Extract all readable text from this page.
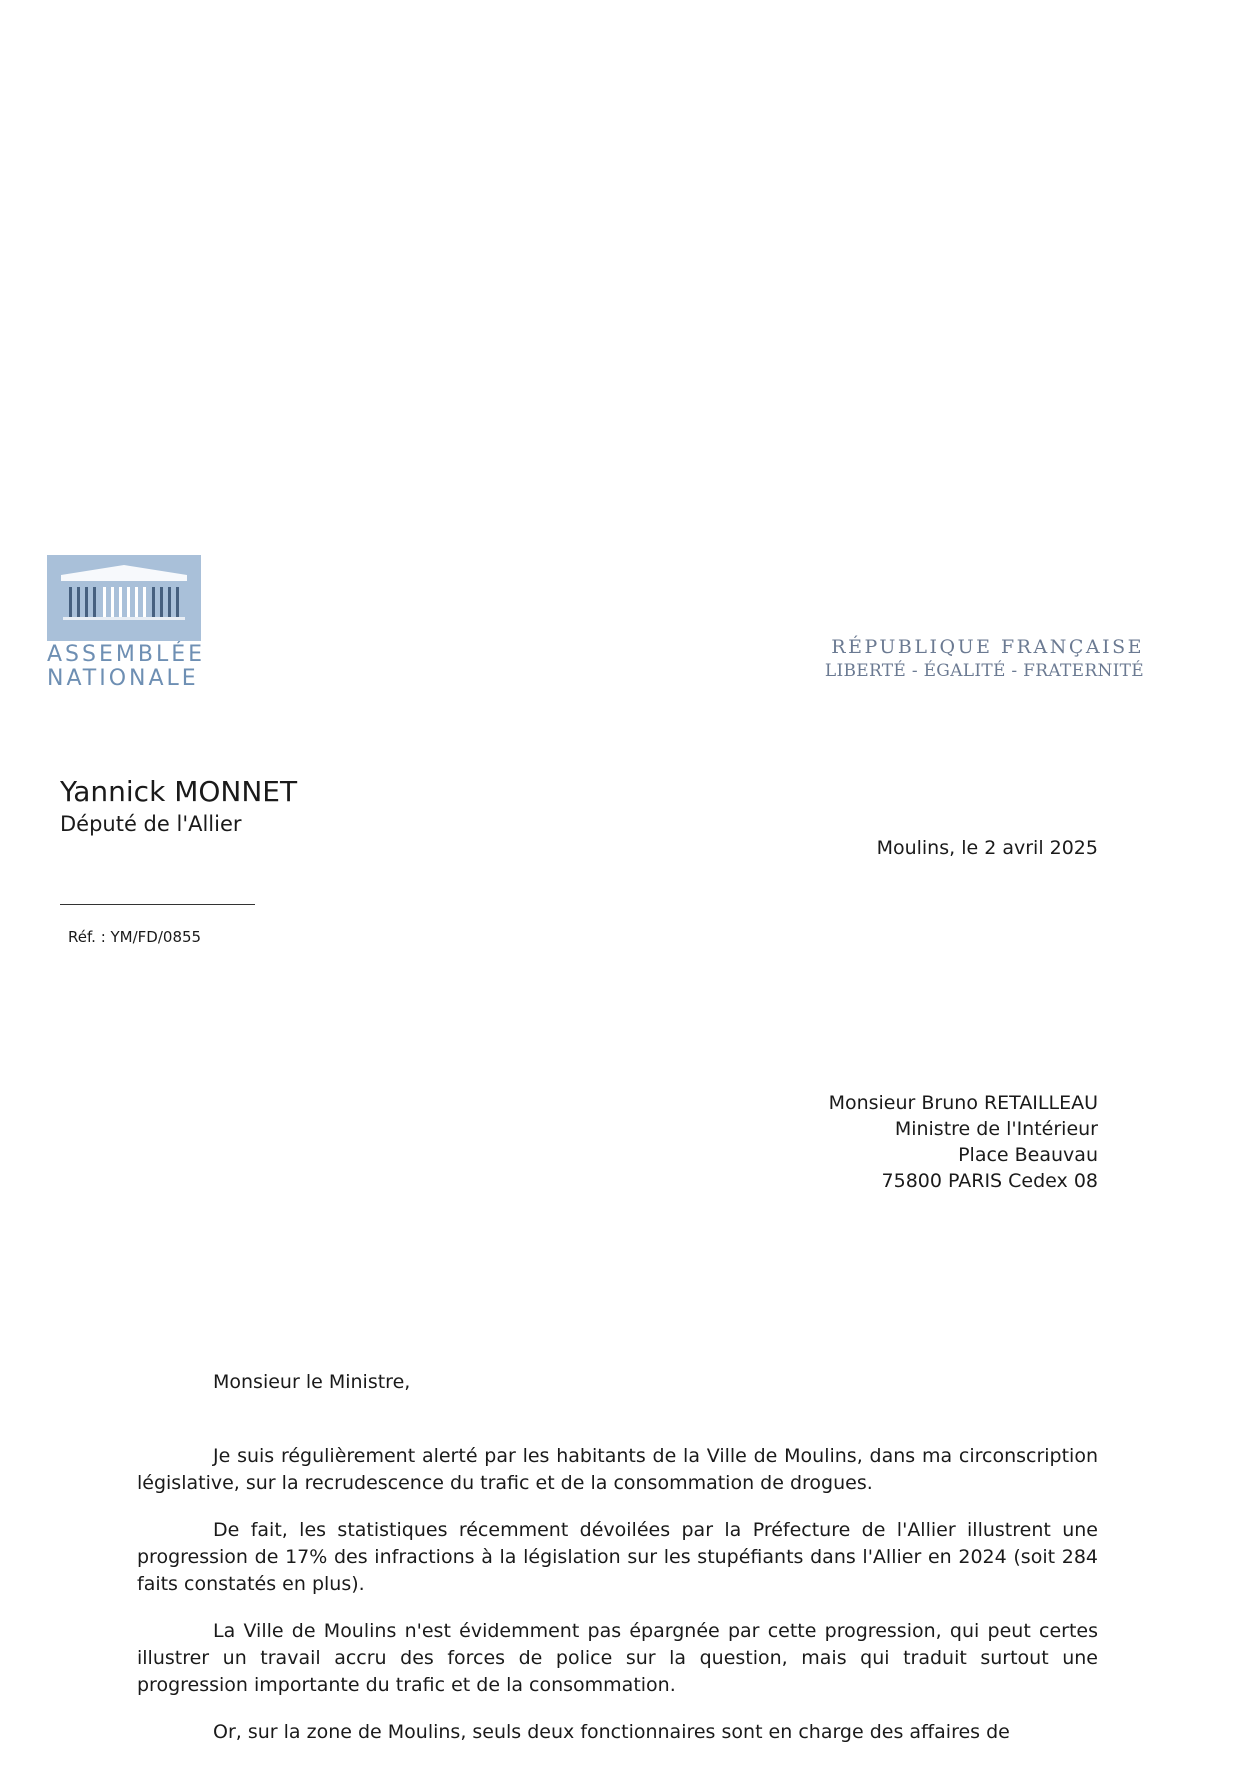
ASSEMBLÉE
NATIONALE
RÉPUBLIQUE FRANÇAISE
LIBERTÉ - ÉGALITÉ - FRATERNITÉ
Yannick MONNET
Député de l'Allier
Réf. : YM/FD/0855
Moulins, le 2 avril 2025
Monsieur Bruno RETAILLEAU
Ministre de l'Intérieur
Place Beauvau
75800 PARIS Cedex 08
Monsieur le Ministre,

Je suis régulièrement alerté par les habitants de la Ville de Moulins, dans ma circonscription législative, sur la recrudescence du trafic et de la consommation de drogues.

De fait, les statistiques récemment dévoilées par la Préfecture de l'Allier illustrent une progression de 17% des infractions à la législation sur les stupéfiants dans l'Allier en 2024 (soit 284 faits constatés en plus).

La Ville de Moulins n'est évidemment pas épargnée par cette progression, qui peut certes illustrer un travail accru des forces de police sur la question, mais qui traduit surtout une progression importante du trafic et de la consommation.

Or, sur la zone de Moulins, seuls deux fonctionnaires sont en charge des affaires de
